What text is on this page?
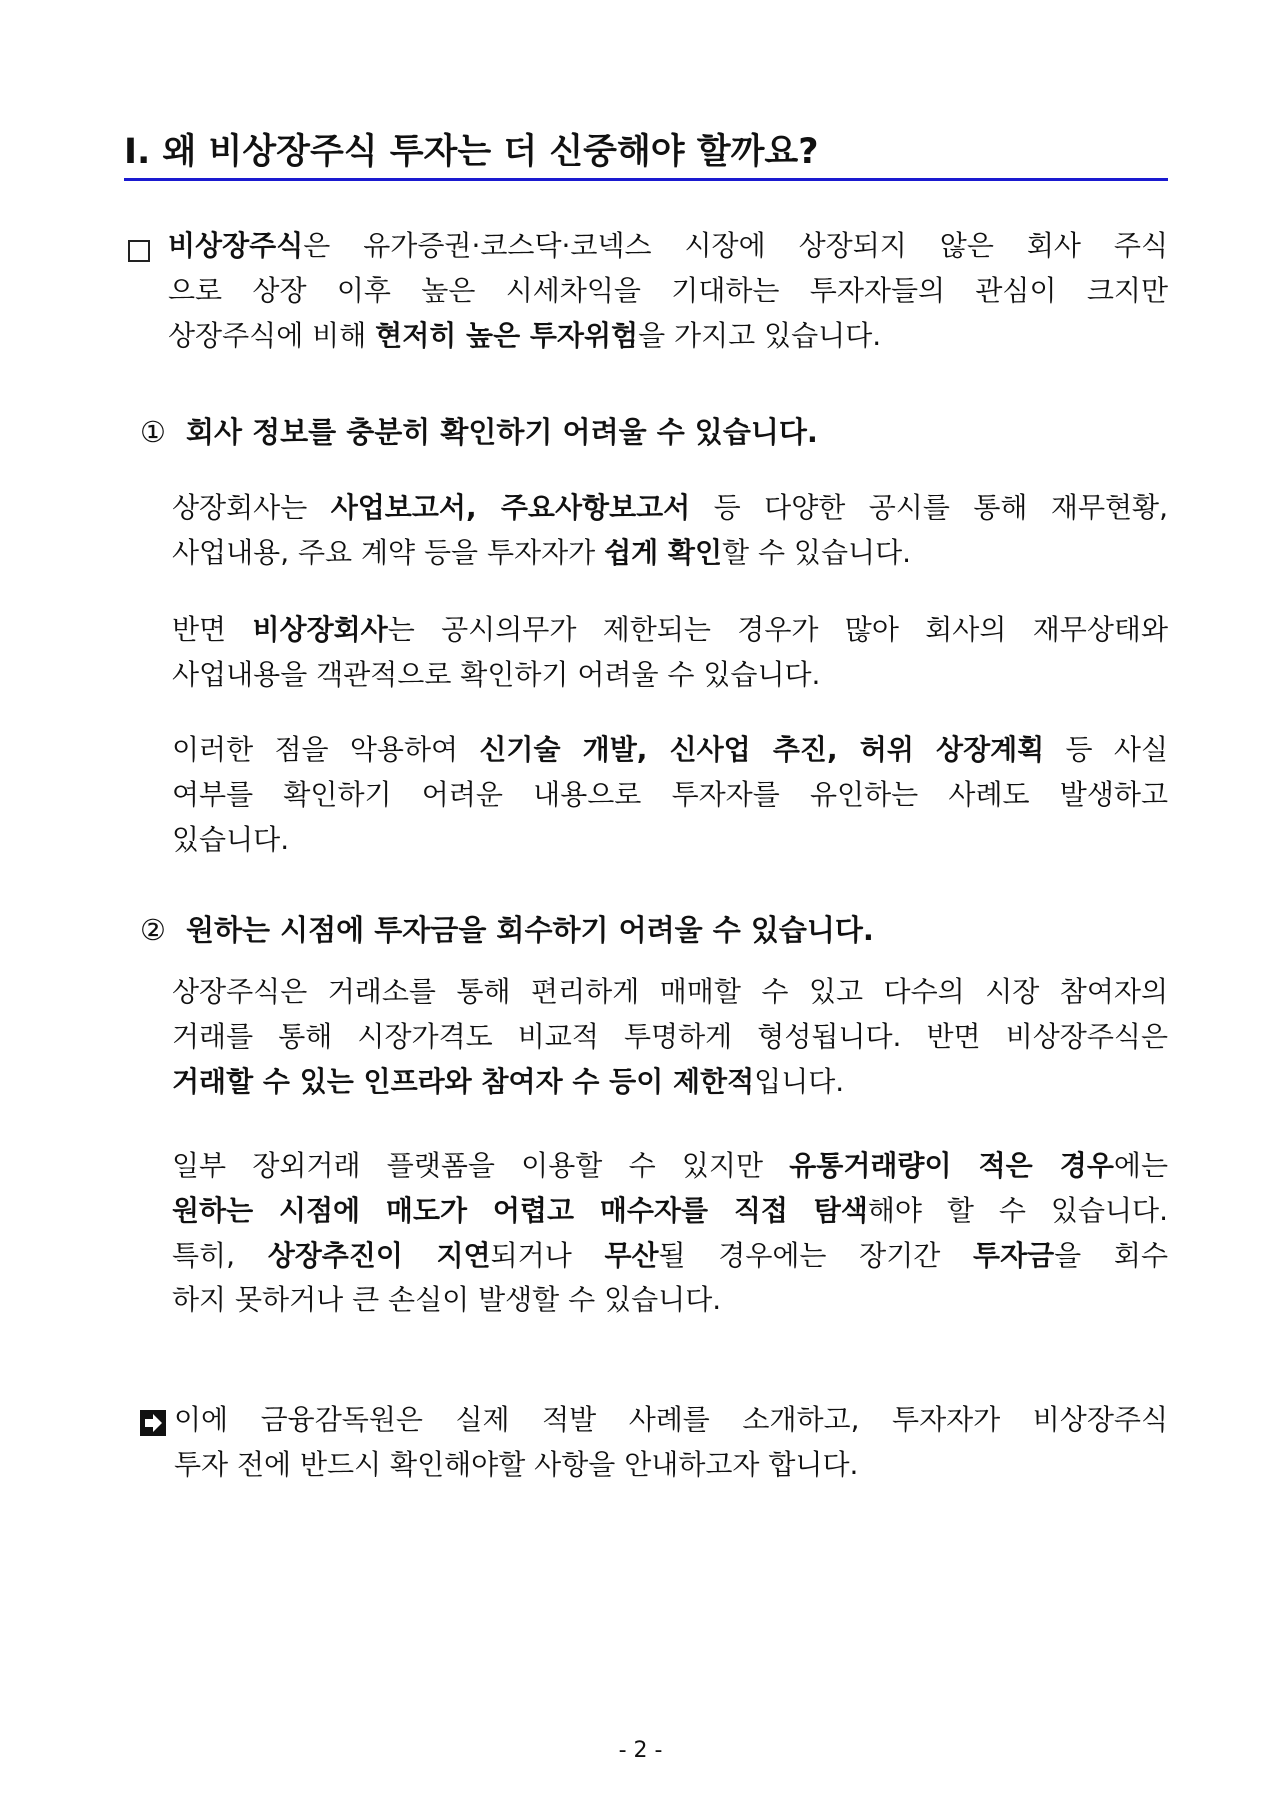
Ⅰ. 왜 비상장주식 투자는 더 신중해야 할까요?
비상장주식은 유가증권·코스닥·코넥스 시장에 상장되지 않은 회사 주식
으로 상장 이후 높은 시세차익을 기대하는 투자자들의 관심이 크지만
상장주식에 비해 현저히 높은 투자위험을 가지고 있습니다.
① 회사 정보를 충분히 확인하기 어려울 수 있습니다.
상장회사는 사업보고서, 주요사항보고서 등 다양한 공시를 통해 재무현황,
사업내용, 주요 계약 등을 투자자가 쉽게 확인할 수 있습니다.
반면 비상장회사는 공시의무가 제한되는 경우가 많아 회사의 재무상태와
사업내용을 객관적으로 확인하기 어려울 수 있습니다.
이러한 점을 악용하여 신기술 개발, 신사업 추진, 허위 상장계획 등 사실
여부를 확인하기 어려운 내용으로 투자자를 유인하는 사례도 발생하고
있습니다.
② 원하는 시점에 투자금을 회수하기 어려울 수 있습니다.
상장주식은 거래소를 통해 편리하게 매매할 수 있고 다수의 시장 참여자의
거래를 통해 시장가격도 비교적 투명하게 형성됩니다. 반면 비상장주식은
거래할 수 있는 인프라와 참여자 수 등이 제한적입니다.
일부 장외거래 플랫폼을 이용할 수 있지만 유통거래량이 적은 경우에는
원하는 시점에 매도가 어렵고 매수자를 직접 탐색해야 할 수 있습니다.
특히, 상장추진이 지연되거나 무산될 경우에는 장기간 투자금을 회수
하지 못하거나 큰 손실이 발생할 수 있습니다.
이에 금융감독원은 실제 적발 사례를 소개하고, 투자자가 비상장주식
투자 전에 반드시 확인해야할 사항을 안내하고자 합니다.
- 2 -
